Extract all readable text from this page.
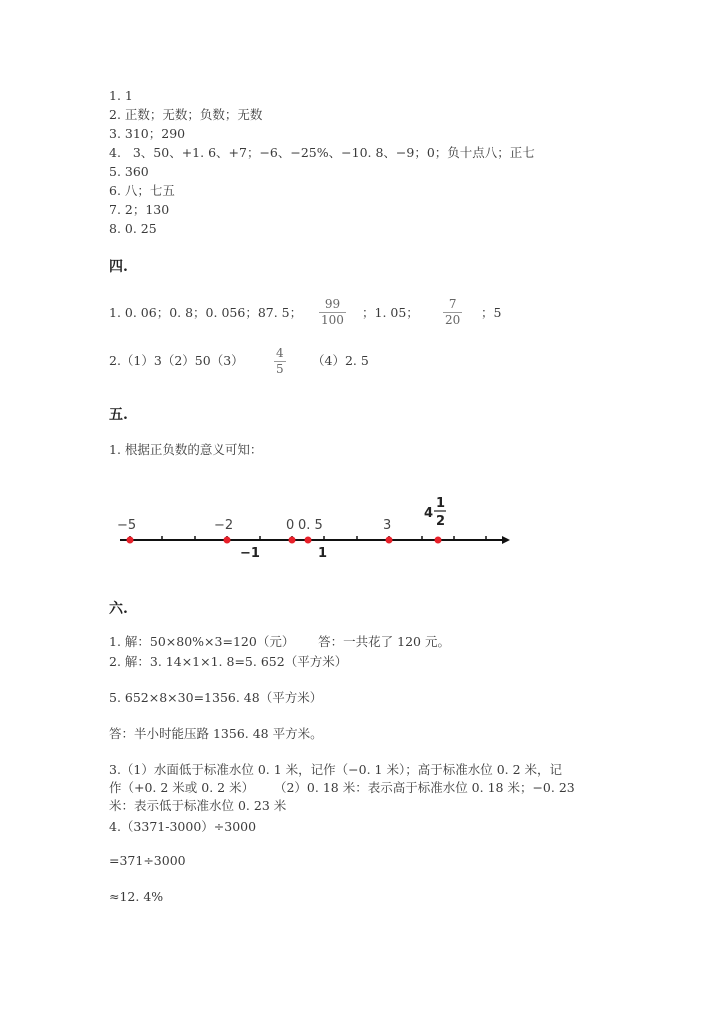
1. 1
2. 正数；无数；负数；无数
3. 310；290
4.   3、50、+1. 6、+7；−6、−25%、−10. 8、−9；0；负十点八；正七
5. 360
6. 八；七五
7. 2；130
8. 0. 25
四.
1. 0. 06；0. 8；0. 056；87. 5；
99
100 ；1. 05；
7
20 ；5
2.（1）3（2）50（3）	4
5
（4）2. 5
五.
1. 根据正负数的意义可知：
−5	−2	0 0. 5	3
−1	1
4
1
2
六.
1. 解：50×80%×3=120（元）      答：一共花了 120 元。
2. 解：3. 14×1×1. 8=5. 652（平方米）
5. 652×8×30=1356. 48（平方米）
答：半小时能压路 1356. 48 平方米。
3.（1）水面低于标准水位 0. 1 米，记作（−0. 1 米）；高于标准水位 0. 2 米，记
作（+0. 2 米或 0. 2 米）     （2）0. 18 米：表示高于标准水位 0. 18 米；−0. 23
米：表示低于标准水位 0. 23 米
4.（3371-3000）÷3000
=371÷3000
≈12. 4%
